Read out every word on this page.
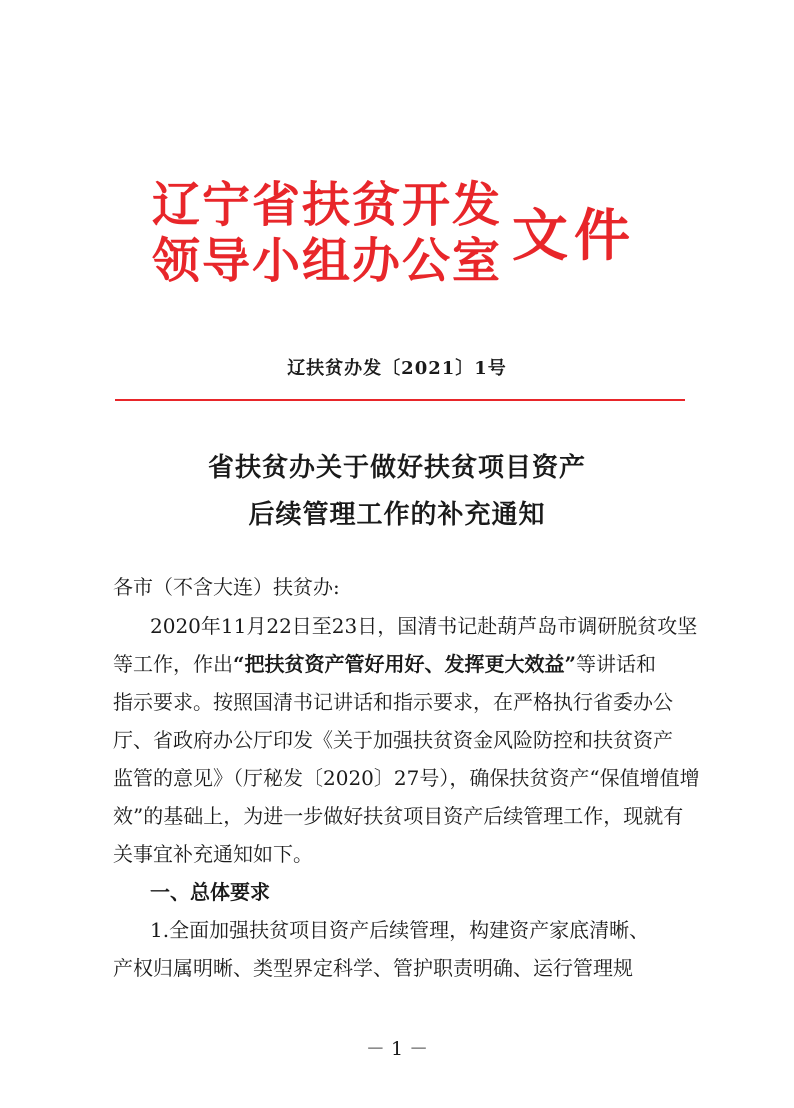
辽宁省扶贫开发
领导小组办公室 文件
辽扶贫办发〔2021〕1号
省扶贫办关于做好扶贫项目资产
后续管理工作的补充通知
各市（不含大连）扶贫办:
2020年11月22日至23日，国清书记赴葫芦岛市调研脱贫攻坚
等工作，作出“把扶贫资产管好用好、发挥更大效益”等讲话和
指示要求。按照国清书记讲话和指示要求，在严格执行省委办公
厅、省政府办公厅印发《关于加强扶贫资金风险防控和扶贫资产
监管的意见》（厅秘发〔2020〕27号），确保扶贫资产“保值增值增
效”的基础上，为进一步做好扶贫项目资产后续管理工作，现就有
关事宜补充通知如下。
一、总体要求
1.全面加强扶贫项目资产后续管理，构建资产家底清晰、
产权归属明晰、类型界定科学、管护职责明确、运行管理规
－ 1 －
